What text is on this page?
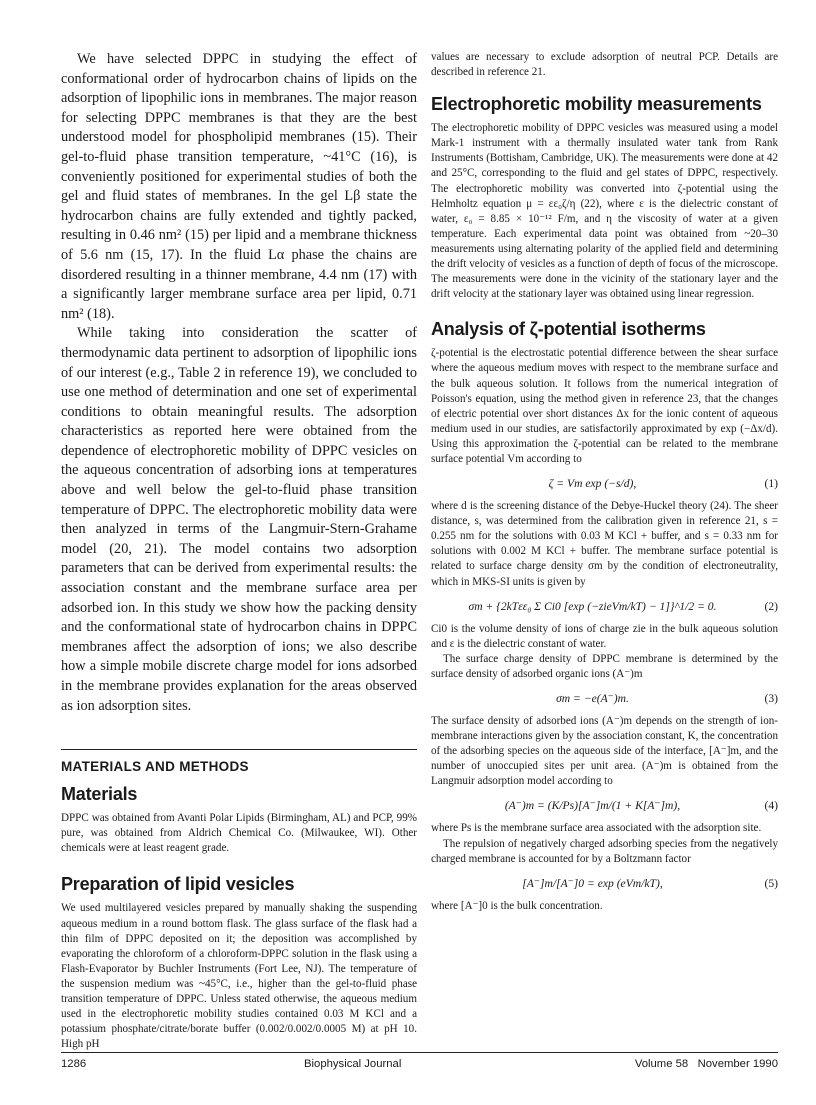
We have selected DPPC in studying the effect of conformational order of hydrocarbon chains of lipids on the adsorption of lipophilic ions in membranes. The major reason for selecting DPPC membranes is that they are the best understood model for phospholipid membranes (15). Their gel-to-fluid phase transition temperature, ~41°C (16), is conveniently positioned for experimental studies of both the gel and fluid states of membranes. In the gel Lβ state the hydrocarbon chains are fully extended and tightly packed, resulting in 0.46 nm² (15) per lipid and a membrane thickness of 5.6 nm (15, 17). In the fluid Lα phase the chains are disordered resulting in a thinner membrane, 4.4 nm (17) with a significantly larger membrane surface area per lipid, 0.71 nm² (18).

While taking into consideration the scatter of thermodynamic data pertinent to adsorption of lipophilic ions of our interest (e.g., Table 2 in reference 19), we concluded to use one method of determination and one set of experimental conditions to obtain meaningful results. The adsorption characteristics as reported here were obtained from the dependence of electrophoretic mobility of DPPC vesicles on the aqueous concentration of adsorbing ions at temperatures above and well below the gel-to-fluid phase transition temperature of DPPC. The electrophoretic mobility data were then analyzed in terms of the Langmuir-Stern-Grahame model (20, 21). The model contains two adsorption parameters that can be derived from experimental results: the association constant and the membrane surface area per adsorbed ion. In this study we show how the packing density and the conformational state of hydrocarbon chains in DPPC membranes affect the adsorption of ions; we also describe how a simple mobile discrete charge model for ions adsorbed in the membrane provides explanation for the areas observed as ion adsorption sites.

MATERIALS AND METHODS
Materials

DPPC was obtained from Avanti Polar Lipids (Birmingham, AL) and PCP, 99% pure, was obtained from Aldrich Chemical Co. (Milwaukee, WI). Other chemicals were at least reagent grade.

Preparation of lipid vesicles

We used multilayered vesicles prepared by manually shaking the suspending aqueous medium in a round bottom flask. The glass surface of the flask had a thin film of DPPC deposited on it; the deposition was accomplished by evaporating the chloroform of a chloroform-DPPC solution in the flask using a Flash-Evaporator by Buchler Instruments (Fort Lee, NJ). The temperature of the suspension medium was ~45°C, i.e., higher than the gel-to-fluid phase transition temperature of DPPC. Unless stated otherwise, the aqueous medium used in the electrophoretic mobility studies contained 0.03 M KCl and a potassium phosphate/citrate/borate buffer (0.002/0.002/0.0005 M) at pH 10. High pH

values are necessary to exclude adsorption of neutral PCP. Details are described in reference 21.

Electrophoretic mobility measurements

The electrophoretic mobility of DPPC vesicles was measured using a model Mark-1 instrument with a thermally insulated water tank from Rank Instruments (Bottisham, Cambridge, UK). The measurements were done at 42 and 25°C, corresponding to the fluid and gel states of DPPC, respectively. The electrophoretic mobility was converted into ζ-potential using the Helmholtz equation μ = εε₀ζ/η (22), where ε is the dielectric constant of water, ε₀ = 8.85 × 10⁻¹² F/m, and η the viscosity of water at a given temperature. Each experimental data point was obtained from ~20–30 measurements using alternating polarity of the applied field and determining the drift velocity of vesicles as a function of depth of focus of the microscope. The measurements were done in the vicinity of the stationary layer and the drift velocity at the stationary layer was obtained using linear regression.

Analysis of ζ-potential isotherms

ζ-potential is the electrostatic potential difference between the shear surface where the aqueous medium moves with respect to the membrane surface and the bulk aqueous solution. It follows from the numerical integration of Poisson's equation, using the method given in reference 23, that the changes of electric potential over short distances Δx for the ionic content of aqueous medium used in our studies, are satisfactorily approximated by exp (−Δx/d). Using this approximation the ζ-potential can be related to the membrane surface potential Vm according to

ζ = Vm exp (−s/d),	(1)

where d is the screening distance of the Debye-Huckel theory (24). The sheer distance, s, was determined from the calibration given in reference 21, s = 0.255 nm for the solutions with 0.03 M KCl + buffer, and s = 0.33 nm for solutions with 0.002 M KCl + buffer. The membrane surface potential is related to surface charge density σm by the condition of electroneutrality, which in MKS-SI units is given by

σm + {2kTεε₀ Σ Ci0 [exp (−zieVm/kT) − 1]}^1/2 = 0.	(2)

Ci0 is the volume density of ions of charge zie in the bulk aqueous solution and ε is the dielectric constant of water.

The surface charge density of DPPC membrane is determined by the surface density of adsorbed organic ions (A⁻)m

σm = −e(A⁻)m.	(3)

The surface density of adsorbed ions (A⁻)m depends on the strength of ion-membrane interactions given by the association constant, K, the concentration of the adsorbing species on the aqueous side of the interface, [A⁻]m, and the number of unoccupied sites per unit area. (A⁻)m is obtained from the Langmuir adsorption model according to

(A⁻)m = (K/Ps)[A⁻]m/(1 + K[A⁻]m),	(4)

where Ps is the membrane surface area associated with the adsorption site.

The repulsion of negatively charged adsorbing species from the negatively charged membrane is accounted for by a Boltzmann factor

[A⁻]m/[A⁻]0 = exp (eVm/kT),	(5)

where [A⁻]0 is the bulk concentration.

1286	Biophysical Journal	Volume 58   November 1990
